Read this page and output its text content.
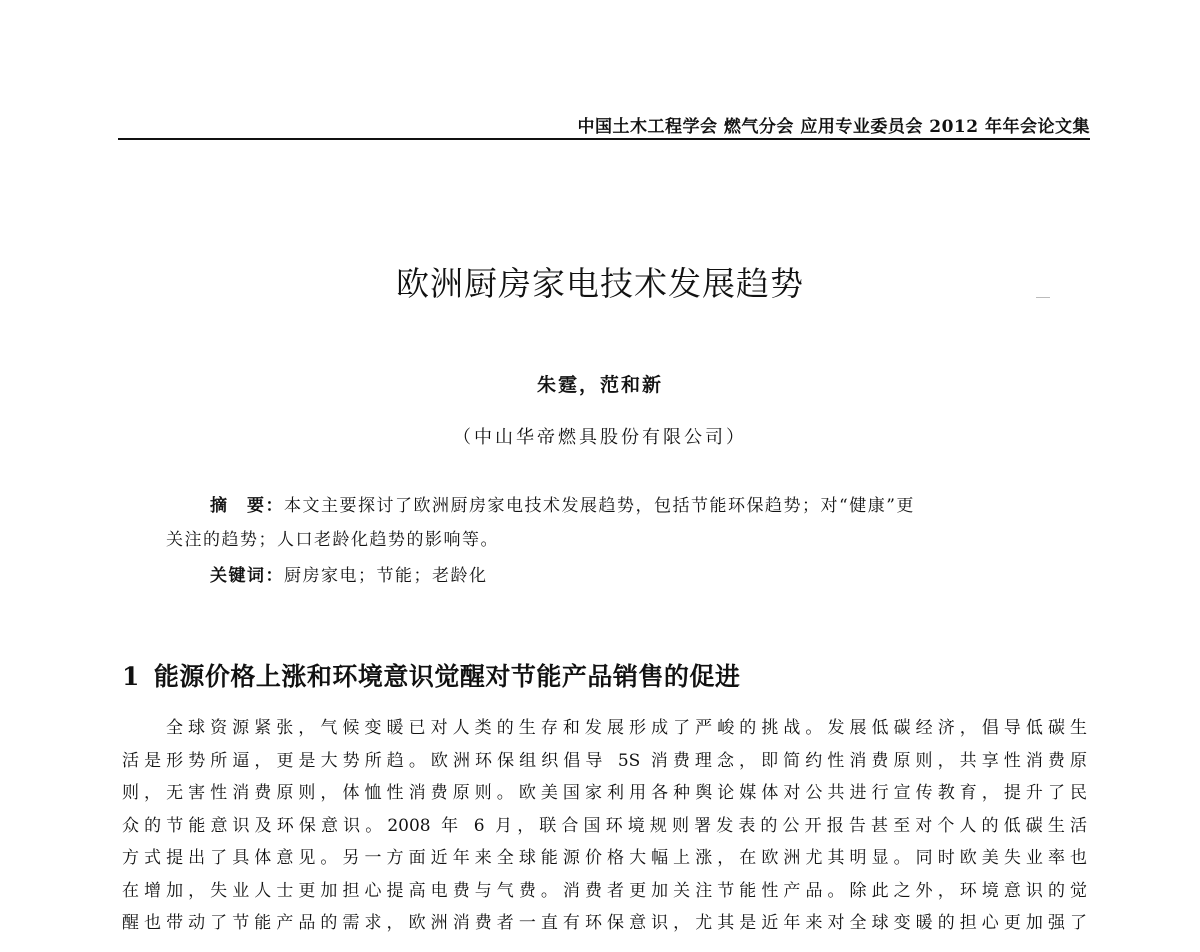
中国土木工程学会 燃气分会 应用专业委员会 2012 年年会论文集
欧洲厨房家电技术发展趋势
朱霆，范和新
（中山华帝燃具股份有限公司）
摘　要：本文主要探讨了欧洲厨房家电技术发展趋势，包括节能环保趋势；对“健康”更
关注的趋势；人口老龄化趋势的影响等。
关键词：厨房家电；节能；老龄化
1 能源价格上涨和环境意识觉醒对节能产品销售的促进
全球资源紧张，气候变暖已对人类的生存和发展形成了严峻的挑战。发展低碳经济，倡导低碳生
活是形势所逼，更是大势所趋。欧洲环保组织倡导 5S 消费理念，即简约性消费原则，共享性消费原
则，无害性消费原则，体恤性消费原则。欧美国家利用各种舆论媒体对公共进行宣传教育，提升了民
众的节能意识及环保意识。2008 年 6 月，联合国环境规则署发表的公开报告甚至对个人的低碳生活
方式提出了具体意见。另一方面近年来全球能源价格大幅上涨，在欧洲尤其明显。同时欧美失业率也
在增加，失业人士更加担心提高电费与气费。消费者更加关注节能性产品。除此之外，环境意识的觉
醒也带动了节能产品的需求，欧洲消费者一直有环保意识，尤其是近年来对全球变暖的担心更加强了
